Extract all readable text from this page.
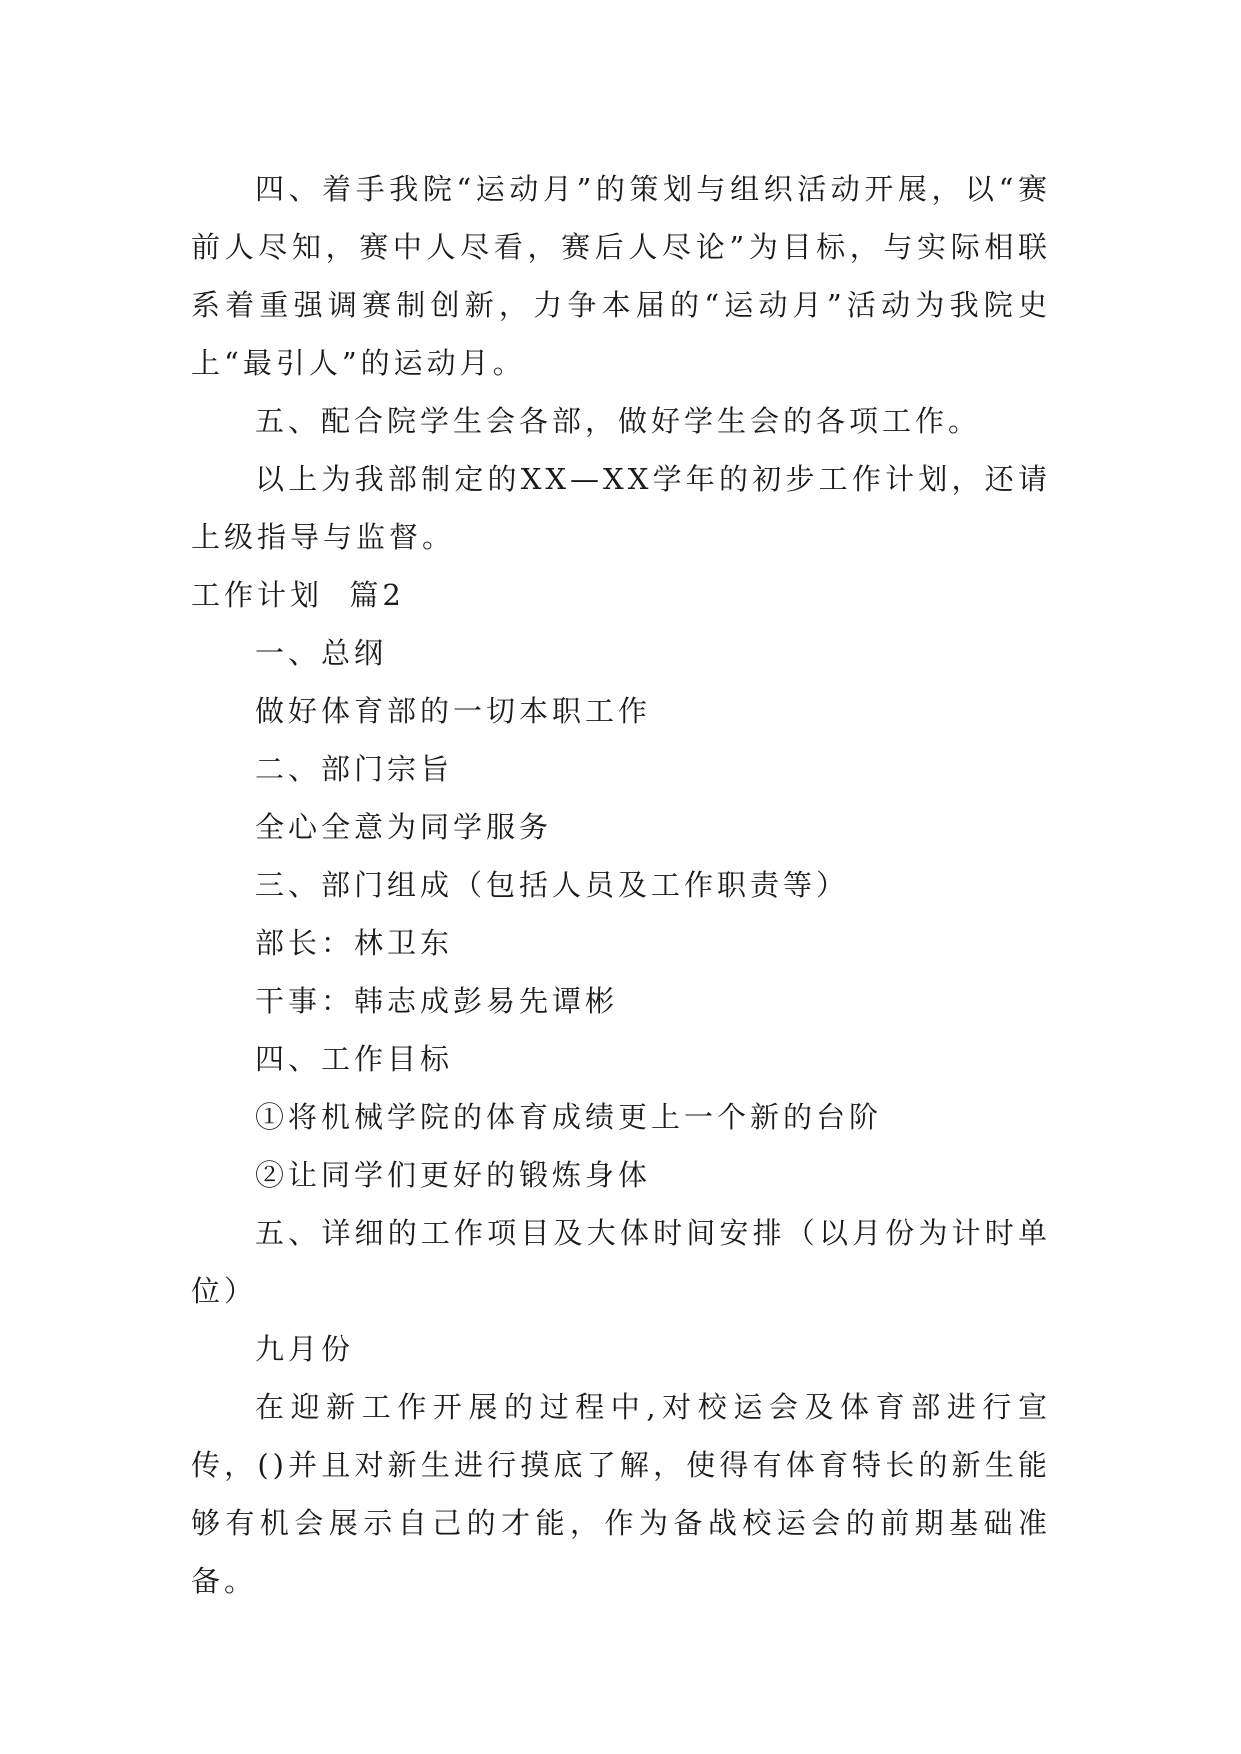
四、着手我院“运动月”的策划与组织活动开展，以“赛前人尽知，赛中人尽看，赛后人尽论”为目标，与实际相联系着重强调赛制创新，力争本届的“运动月”活动为我院史上“最引人”的运动月。

五、配合院学生会各部，做好学生会的各项工作。

以上为我部制定的XX—XX学年的初步工作计划，还请上级指导与监督。

工作计划  篇2

一、总纲

做好体育部的一切本职工作

二、部门宗旨

全心全意为同学服务

三、部门组成（包括人员及工作职责等）

部长：林卫东

干事：韩志成彭易先谭彬

四、工作目标

①将机械学院的体育成绩更上一个新的台阶

②让同学们更好的锻炼身体

五、详细的工作项目及大体时间安排（以月份为计时单位）

九月份

在迎新工作开展的过程中,对校运会及体育部进行宣传，()并且对新生进行摸底了解，使得有体育特长的新生能够有机会展示自己的才能，作为备战校运会的前期基础准备。
